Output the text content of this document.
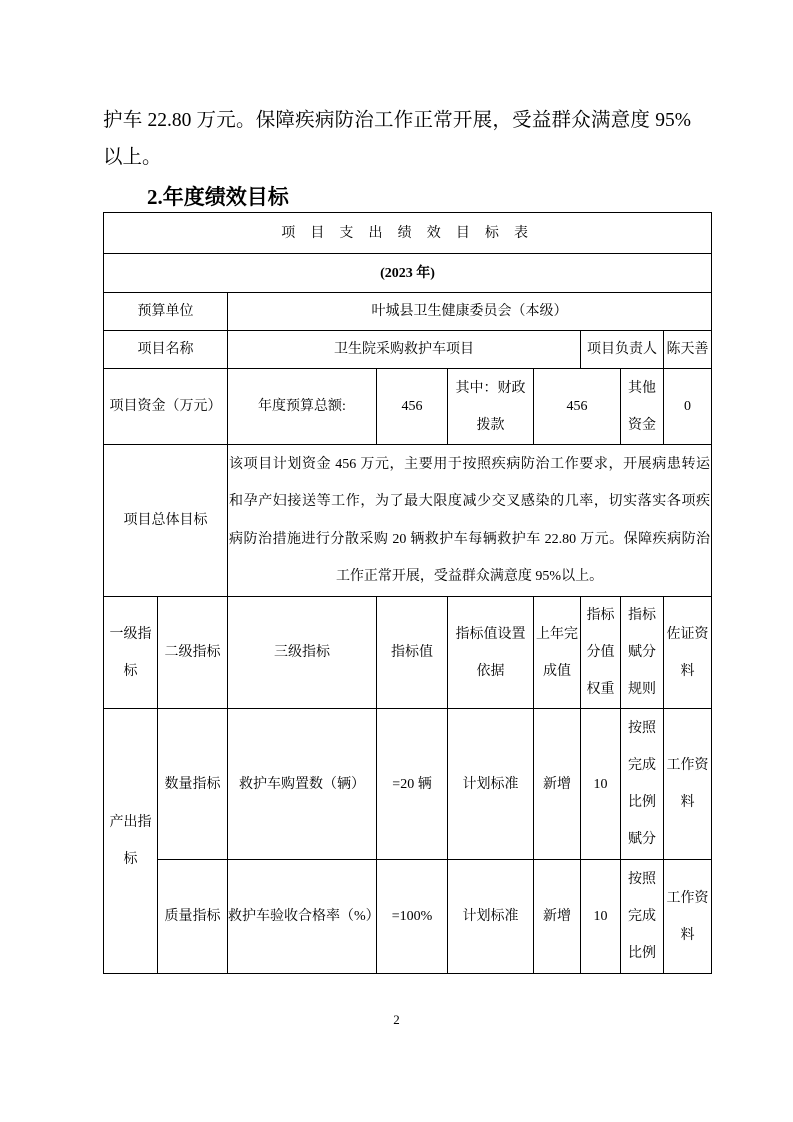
护车 22.80 万元。保障疾病防治工作正常开展，受益群众满意度 95%
以上。
2.年度绩效目标
项 目 支 出 绩 效 目 标 表								
(2023 年)								
预算单位		叶城县卫生健康委员会（本级）						
项目名称		卫生院采购救护车项目				项目负责人		陈天善
项目资金（万元）		年度预算总额:	456	其中：财政拨款	456		其他资金	0
项目总体目标		该项目计划资金 456 万元，主要用于按照疾病防治工作要求，开展病患转运
和孕产妇接送等工作，为了最大限度减少交叉感染的几率，切实落实各项疾
病防治措施进行分散采购 20 辆救护车每辆救护车 22.80 万元。保障疾病防治
工作正常开展，受益群众满意度 95%以上。						

一级指标	二级指标	三级指标	指标值	指标值设置依据	上年完成值	指标分值权重	指标赋分规则	佐证资料
产出指标	数量指标	救护车购置数（辆）	=20 辆	计划标准	新增	10	按照完成比例赋分	工作资料
	质量指标	救护车验收合格率（%）	=100%	计划标准	新增	10	按照完成比例	工作资料
2
